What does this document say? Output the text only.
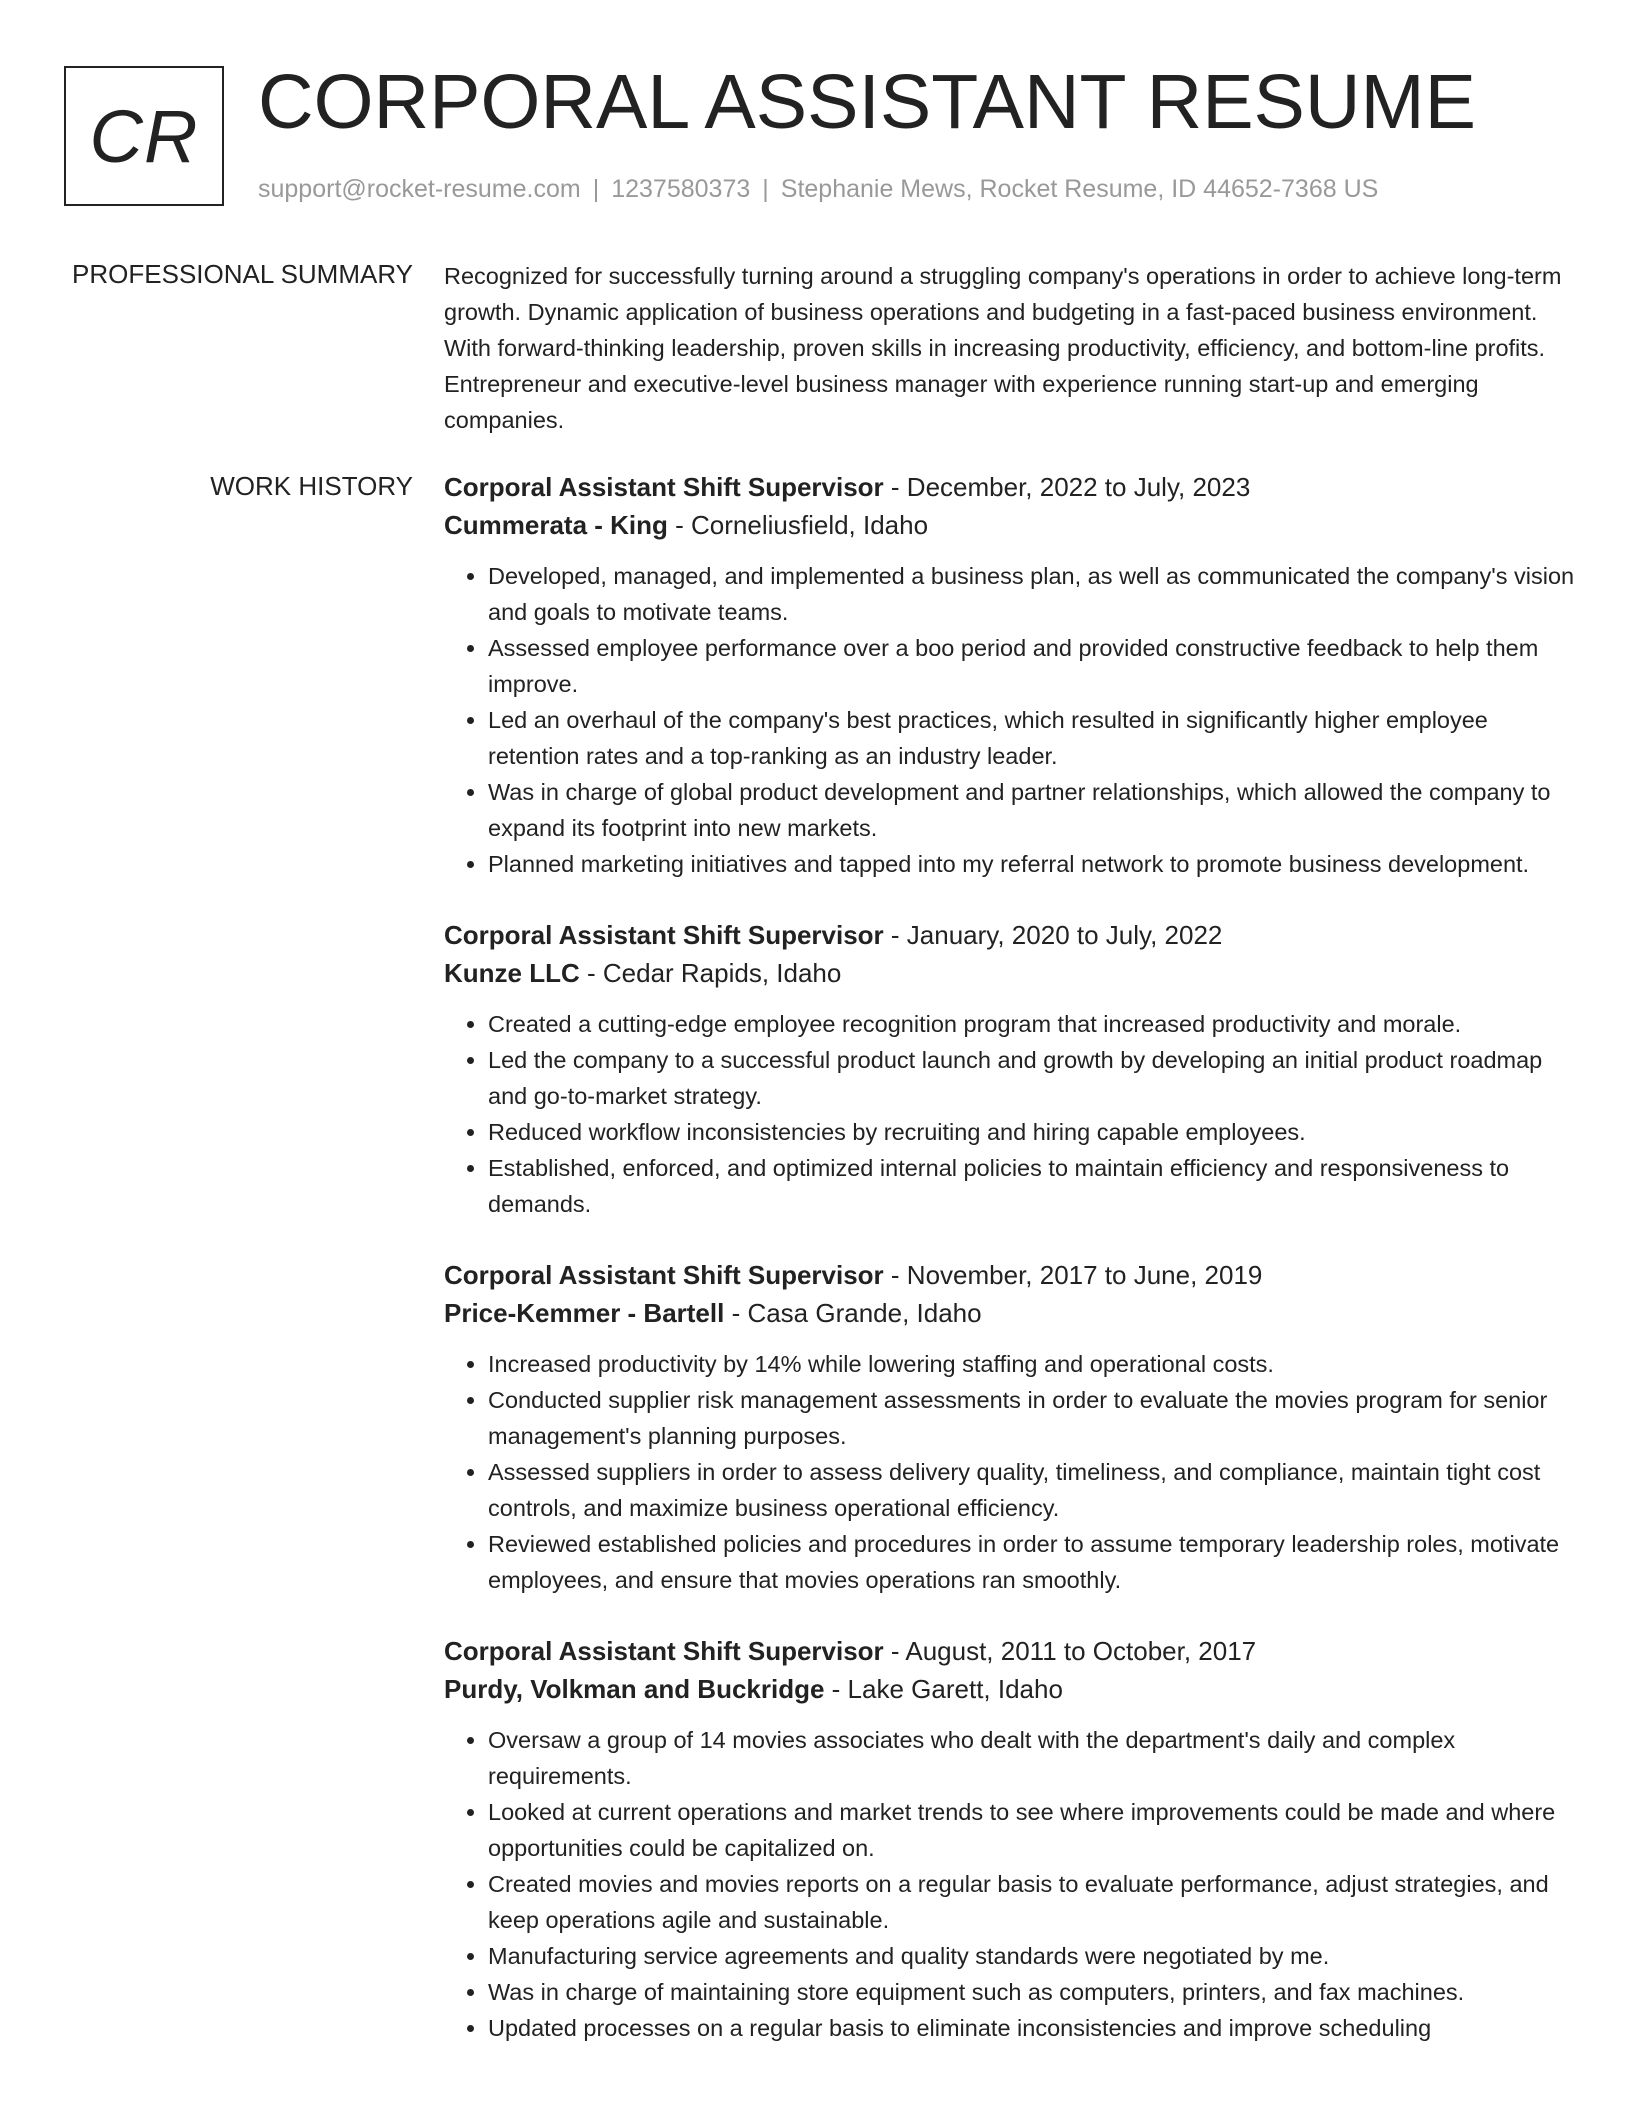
CR CORPORAL ASSISTANT RESUME
support@rocket-resume.com | 1237580373 | Stephanie Mews, Rocket Resume, ID 44652-7368 US
PROFESSIONAL SUMMARY Recognized for successfully turning around a struggling company's operations in order to achieve long-term growth. Dynamic application of business operations and budgeting in a fast-paced business environment. With forward-thinking leadership, proven skills in increasing productivity, efficiency, and bottom-line profits. Entrepreneur and executive-level business manager with experience running start-up and emerging companies.
WORK HISTORY Corporal Assistant Shift Supervisor - December, 2022 to July, 2023
Cummerata - King - Corneliusfield, Idaho
• Developed, managed, and implemented a business plan, as well as communicated the company's vision and goals to motivate teams.
• Assessed employee performance over a boo period and provided constructive feedback to help them improve.
• Led an overhaul of the company's best practices, which resulted in significantly higher employee retention rates and a top-ranking as an industry leader.
• Was in charge of global product development and partner relationships, which allowed the company to expand its footprint into new markets.
• Planned marketing initiatives and tapped into my referral network to promote business development.
Corporal Assistant Shift Supervisor - January, 2020 to July, 2022
Kunze LLC - Cedar Rapids, Idaho
• Created a cutting-edge employee recognition program that increased productivity and morale.
• Led the company to a successful product launch and growth by developing an initial product roadmap and go-to-market strategy.
• Reduced workflow inconsistencies by recruiting and hiring capable employees.
• Established, enforced, and optimized internal policies to maintain efficiency and responsiveness to demands.
Corporal Assistant Shift Supervisor - November, 2017 to June, 2019
Price-Kemmer - Bartell - Casa Grande, Idaho
• Increased productivity by 14% while lowering staffing and operational costs.
• Conducted supplier risk management assessments in order to evaluate the movies program for senior management's planning purposes.
• Assessed suppliers in order to assess delivery quality, timeliness, and compliance, maintain tight cost controls, and maximize business operational efficiency.
• Reviewed established policies and procedures in order to assume temporary leadership roles, motivate employees, and ensure that movies operations ran smoothly.
Corporal Assistant Shift Supervisor - August, 2011 to October, 2017
Purdy, Volkman and Buckridge - Lake Garett, Idaho
• Oversaw a group of 14 movies associates who dealt with the department's daily and complex requirements.
• Looked at current operations and market trends to see where improvements could be made and where opportunities could be capitalized on.
• Created movies and movies reports on a regular basis to evaluate performance, adjust strategies, and keep operations agile and sustainable.
• Manufacturing service agreements and quality standards were negotiated by me.
• Was in charge of maintaining store equipment such as computers, printers, and fax machines.
• Updated processes on a regular basis to eliminate inconsistencies and improve scheduling
